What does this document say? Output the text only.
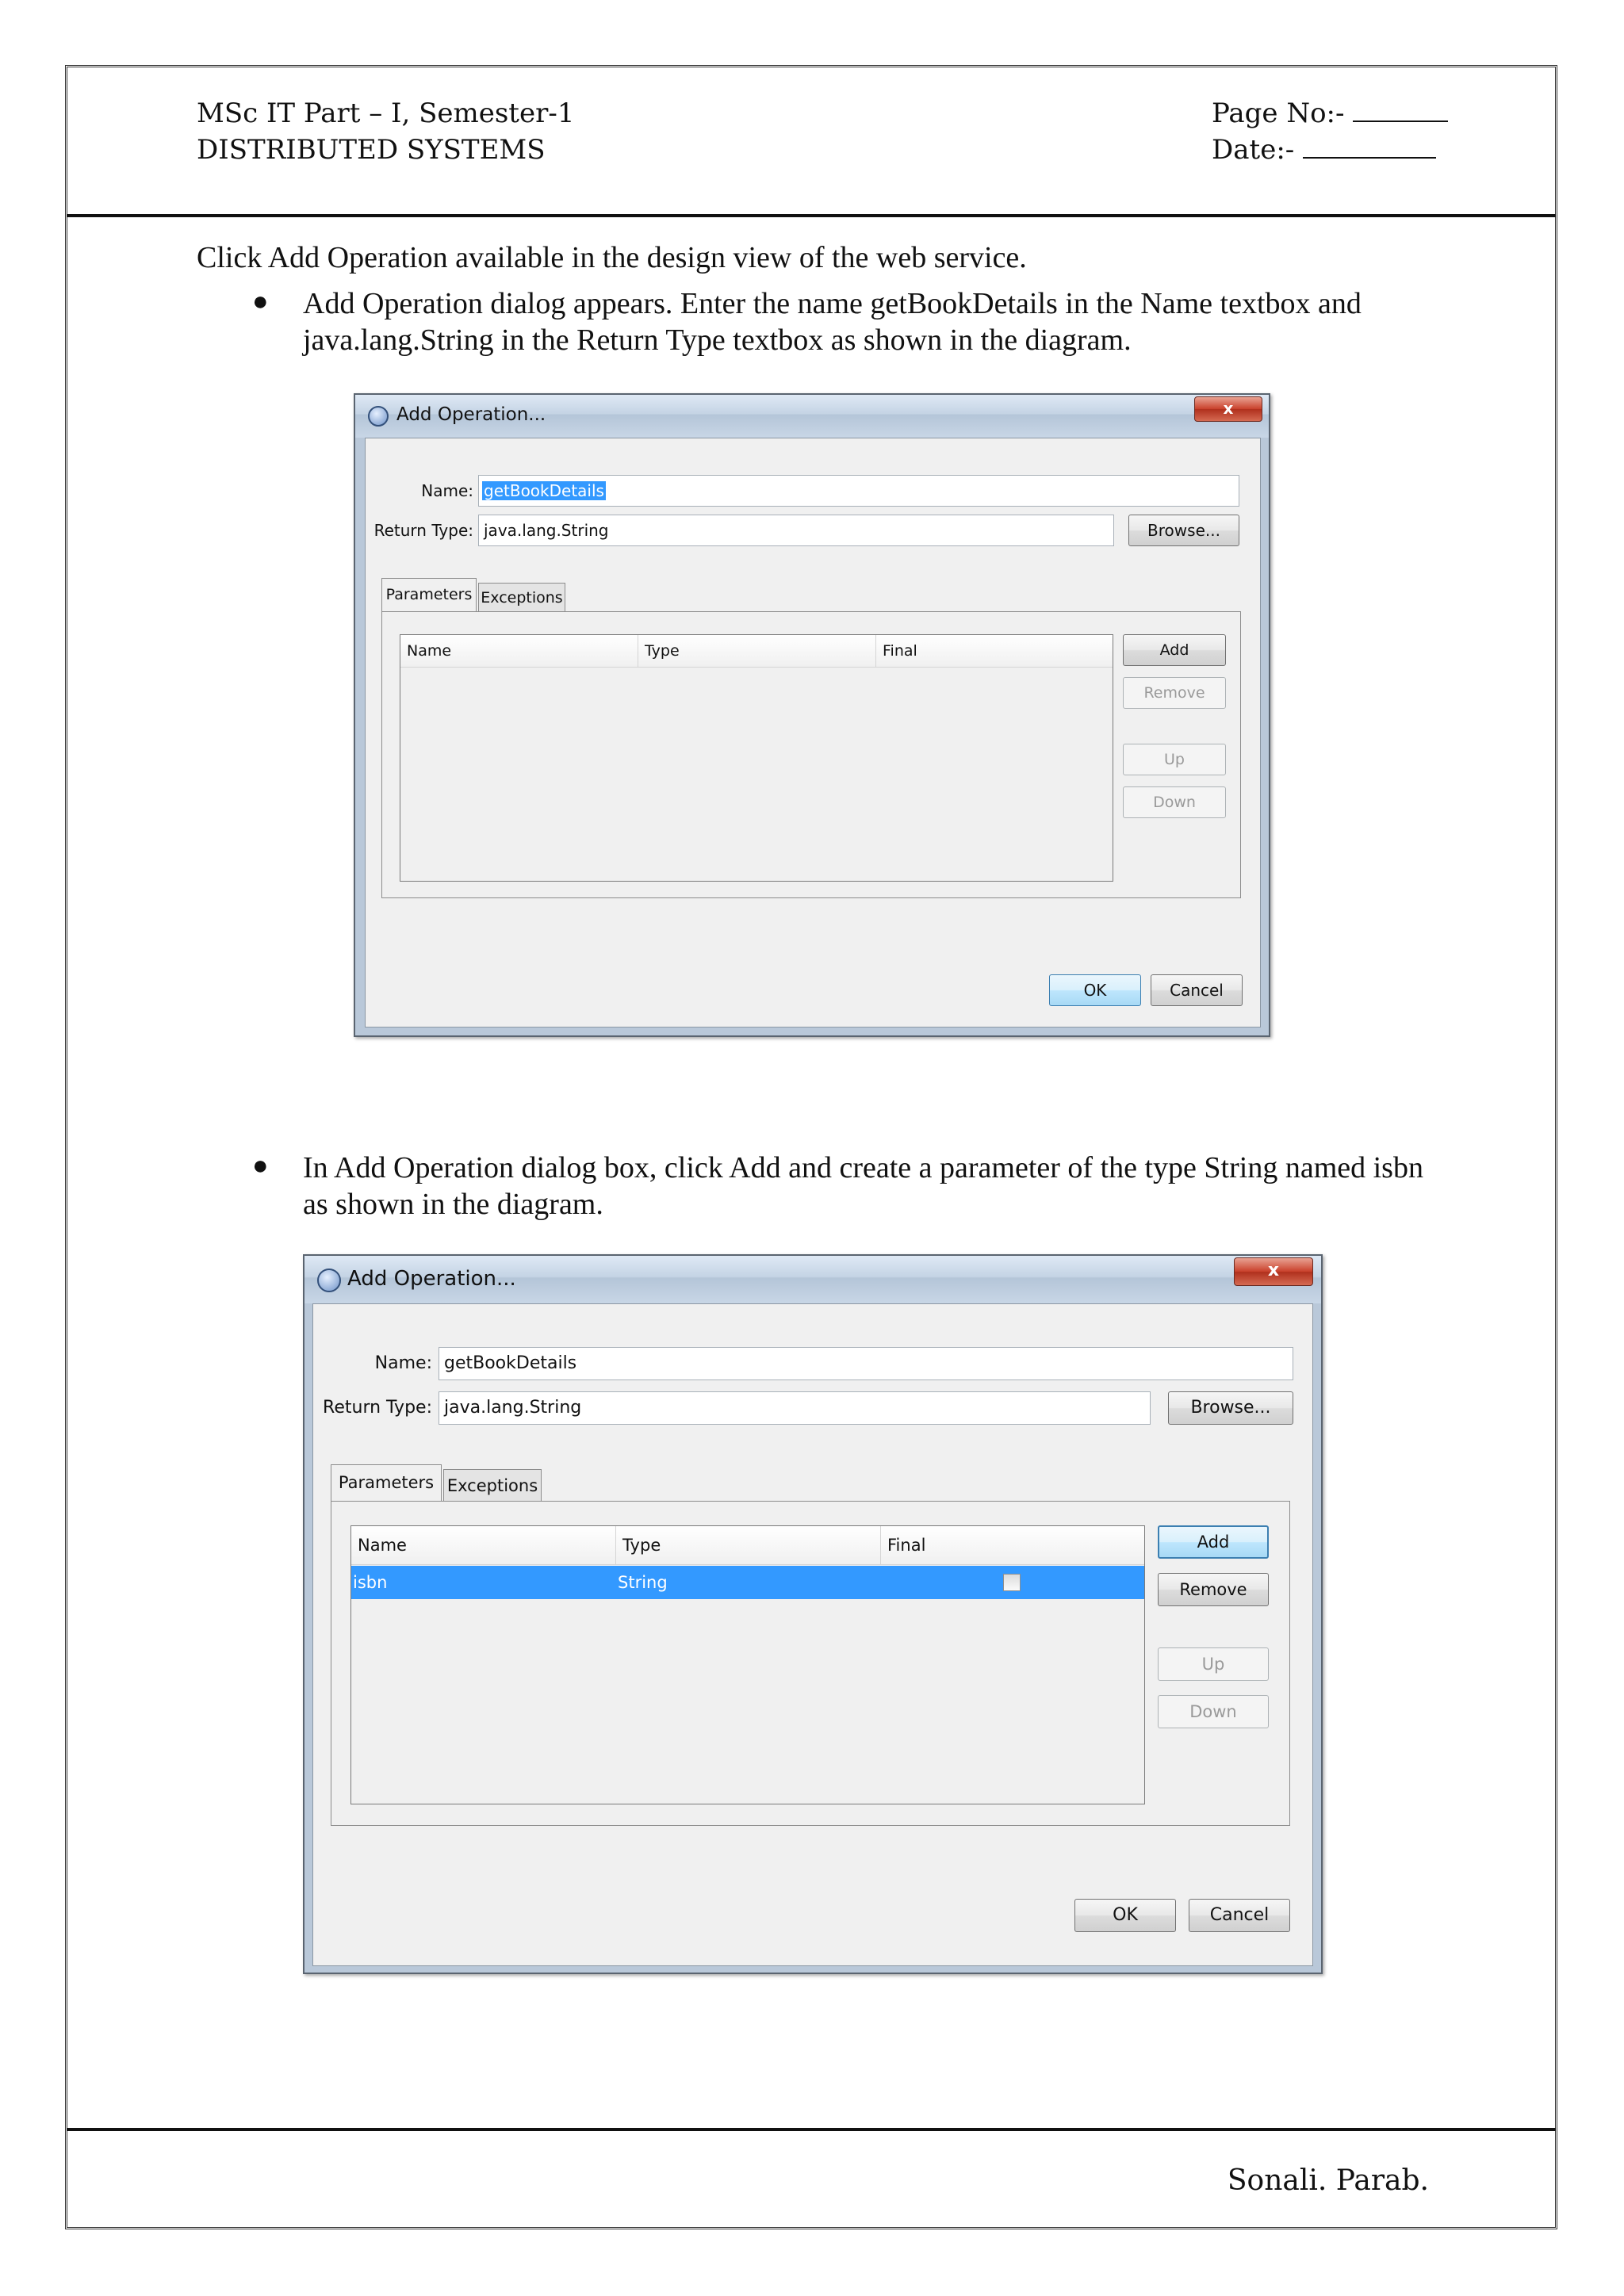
MSc IT Part – I, Semester-1
DISTRIBUTED SYSTEMS
Page No:-
Date:-
Click Add Operation available in the design view of the web service.
● Add Operation dialog appears. Enter the name getBookDetails in the Name textbox and java.lang.String in the Return Type textbox as shown in the diagram.
Add Operation...	x
Name: getBookDetails
Return Type: java.lang.String	Browse...
Parameters Exceptions
Name	Type	Final	Add
Remove
Up
Down
OK	Cancel
● In Add Operation dialog box, click Add and create a parameter of the type String named isbn as shown in the diagram.
Add Operation...	x
Name: getBookDetails
Return Type: java.lang.String	Browse...
Parameters Exceptions
Name	Type	Final
isbn	String
Add
Remove
Up
Down
OK	Cancel
Sonali. Parab.
